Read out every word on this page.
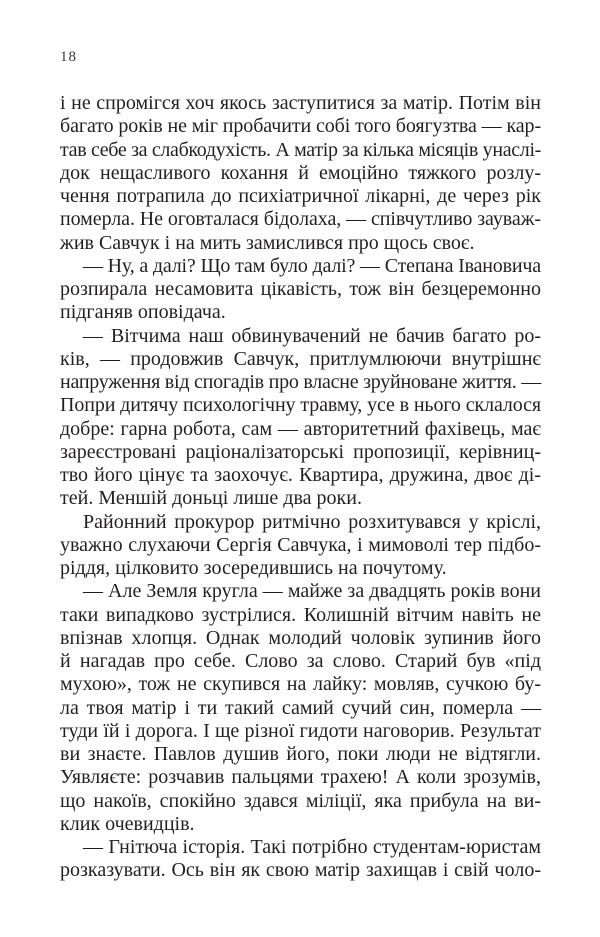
18
і не спромігся хоч якось заступитися за матір. Потім він
багато років не міг пробачити собі того боягузтва — кар-
тав себе за слабкодухість. А матір за кілька місяців унаслі-
док нещасливого кохання й емоційно тяжкого розлу-
чення потрапила до психіатричної лікарні, де через рік
померла. Не оговталася бідолаха, — співчутливо зауваж-
жив Савчук і на мить замислився про щось своє.
— Ну, а далі? Що там було далі? — Степана Івановича
розпирала несамовита цікавість, тож він безцеремонно
підганяв оповідача.
— Вітчима наш обвинувачений не бачив багато ро-
ків, — продовжив Савчук, притлумлюючи внутрішнє
напруження від спогадів про власне зруйноване життя. —
Попри дитячу психологічну травму, усе в нього склалося
добре: гарна робота, сам — авторитетний фахівець, має
зареєстровані раціоналізаторські пропозиції, керівниц-
тво його цінує та заохочує. Квартира, дружина, двоє ді-
тей. Меншій доньці лише два роки.
Районний прокурор ритмічно розхитувався у кріслі,
уважно слухаючи Сергія Савчука, і мимоволі тер підбо-
ріддя, цілковито зосередившись на почутому.
— Але Земля кругла — майже за двадцять років вони
таки випадково зустрілися. Колишній вітчим навіть не
впізнав хлопця. Однак молодий чоловік зупинив його
й нагадав про себе. Слово за слово. Старий був «під
мухою», тож не скупився на лайку: мовляв, сучкою бу-
ла твоя матір і ти такий самий сучий син, померла —
туди їй і дорога. І ще різної гидоти наговорив. Результат
ви знаєте. Павлов душив його, поки люди не відтягли.
Уявляєте: розчавив пальцями трахею! А коли зрозумів,
що накоїв, спокійно здався міліції, яка прибула на ви-
клик очевидців.
— Гнітюча історія. Такі потрібно студентам-юристам
розказувати. Ось він як свою матір захищав і свій чоло-
